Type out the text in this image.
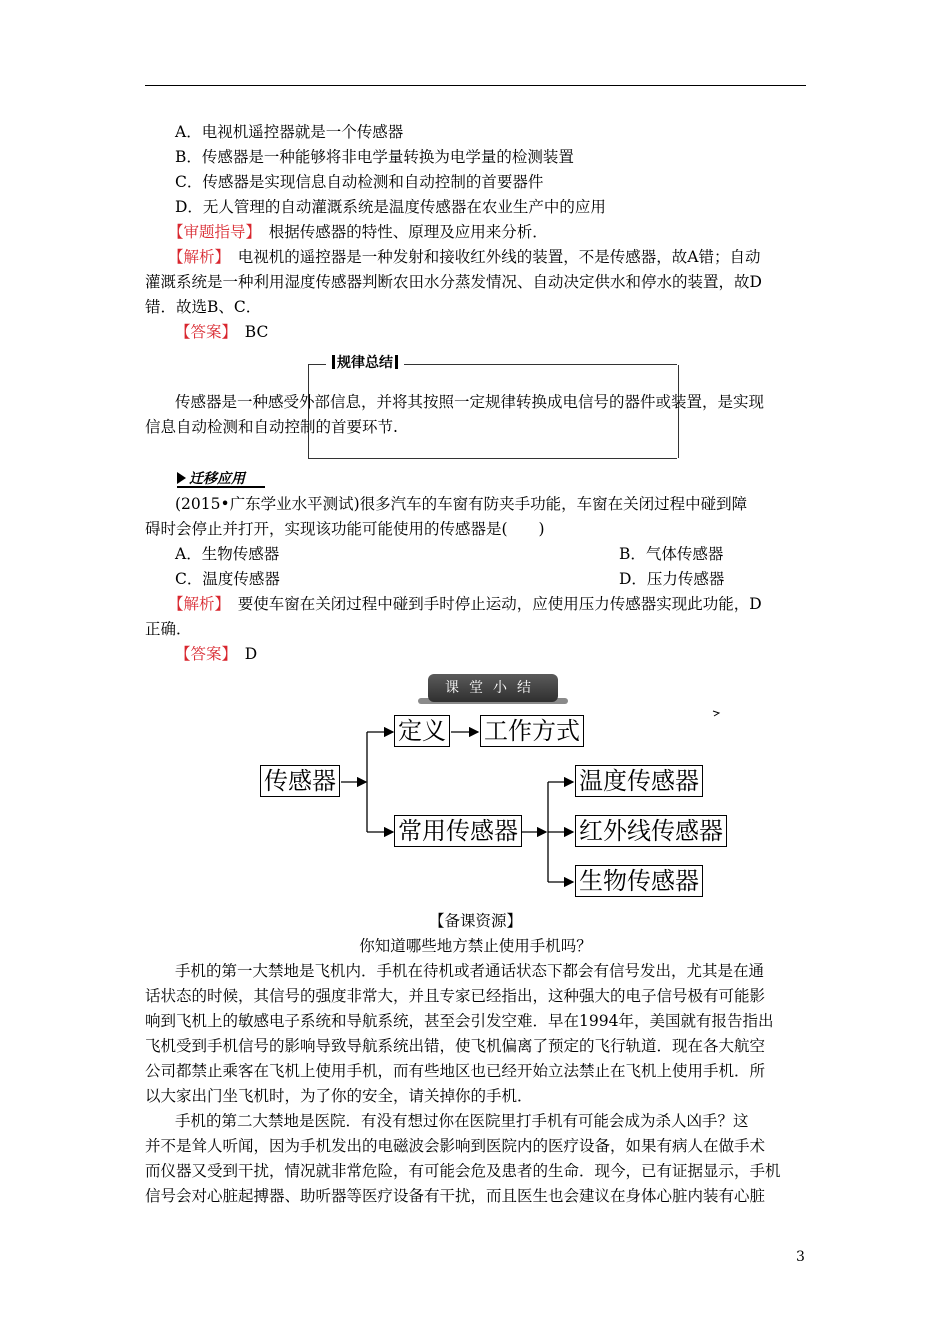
A．电视机遥控器就是一个传感器
B．传感器是一种能够将非电学量转换为电学量的检测装置
C．传感器是实现信息自动检测和自动控制的首要器件
D．无人管理的自动灌溉系统是温度传感器在农业生产中的应用
【审题指导】　根据传感器的特性、原理及应用来分析．
【解析】　电视机的遥控器是一种发射和接收红外线的装置，不是传感器，故A错；自动
灌溉系统是一种利用湿度传感器判断农田水分蒸发情况、自动决定供水和停水的装置，故D
错．故选B、C．
【答案】　BC
规律总结
传感器是一种感受外部信息，并将其按照一定规律转换成电信号的器件或装置，是实现
信息自动检测和自动控制的首要环节.
迁移应用
(2015•广东学业水平测试)很多汽车的车窗有防夹手功能，车窗在关闭过程中碰到障
碍时会停止并打开，实现该功能可能使用的传感器是(　　)
A．生物传感器	B．气体传感器
C．温度传感器	D．压力传感器
【解析】　要使车窗在关闭过程中碰到手时停止运动，应使用压力传感器实现此功能，D
正确．
【答案】　D
课堂小结
传感器
定义 工作方式
常用传感器
温度传感器
红外线传感器
生物传感器
【备课资源】
你知道哪些地方禁止使用手机吗？
手机的第一大禁地是飞机内．手机在待机或者通话状态下都会有信号发出，尤其是在通
话状态的时候，其信号的强度非常大，并且专家已经指出，这种强大的电子信号极有可能影
响到飞机上的敏感电子系统和导航系统，甚至会引发空难．早在1994年，美国就有报告指出
飞机受到手机信号的影响导致导航系统出错，使飞机偏离了预定的飞行轨道．现在各大航空
公司都禁止乘客在飞机上使用手机，而有些地区也已经开始立法禁止在飞机上使用手机．所
以大家出门坐飞机时，为了你的安全，请关掉你的手机．
手机的第二大禁地是医院．有没有想过你在医院里打手机有可能会成为杀人凶手？这
并不是耸人听闻，因为手机发出的电磁波会影响到医院内的医疗设备，如果有病人在做手术
而仪器又受到干扰，情况就非常危险，有可能会危及患者的生命．现今，已有证据显示，手机
信号会对心脏起搏器、助听器等医疗设备有干扰，而且医生也会建议在身体心脏内装有心脏
3
